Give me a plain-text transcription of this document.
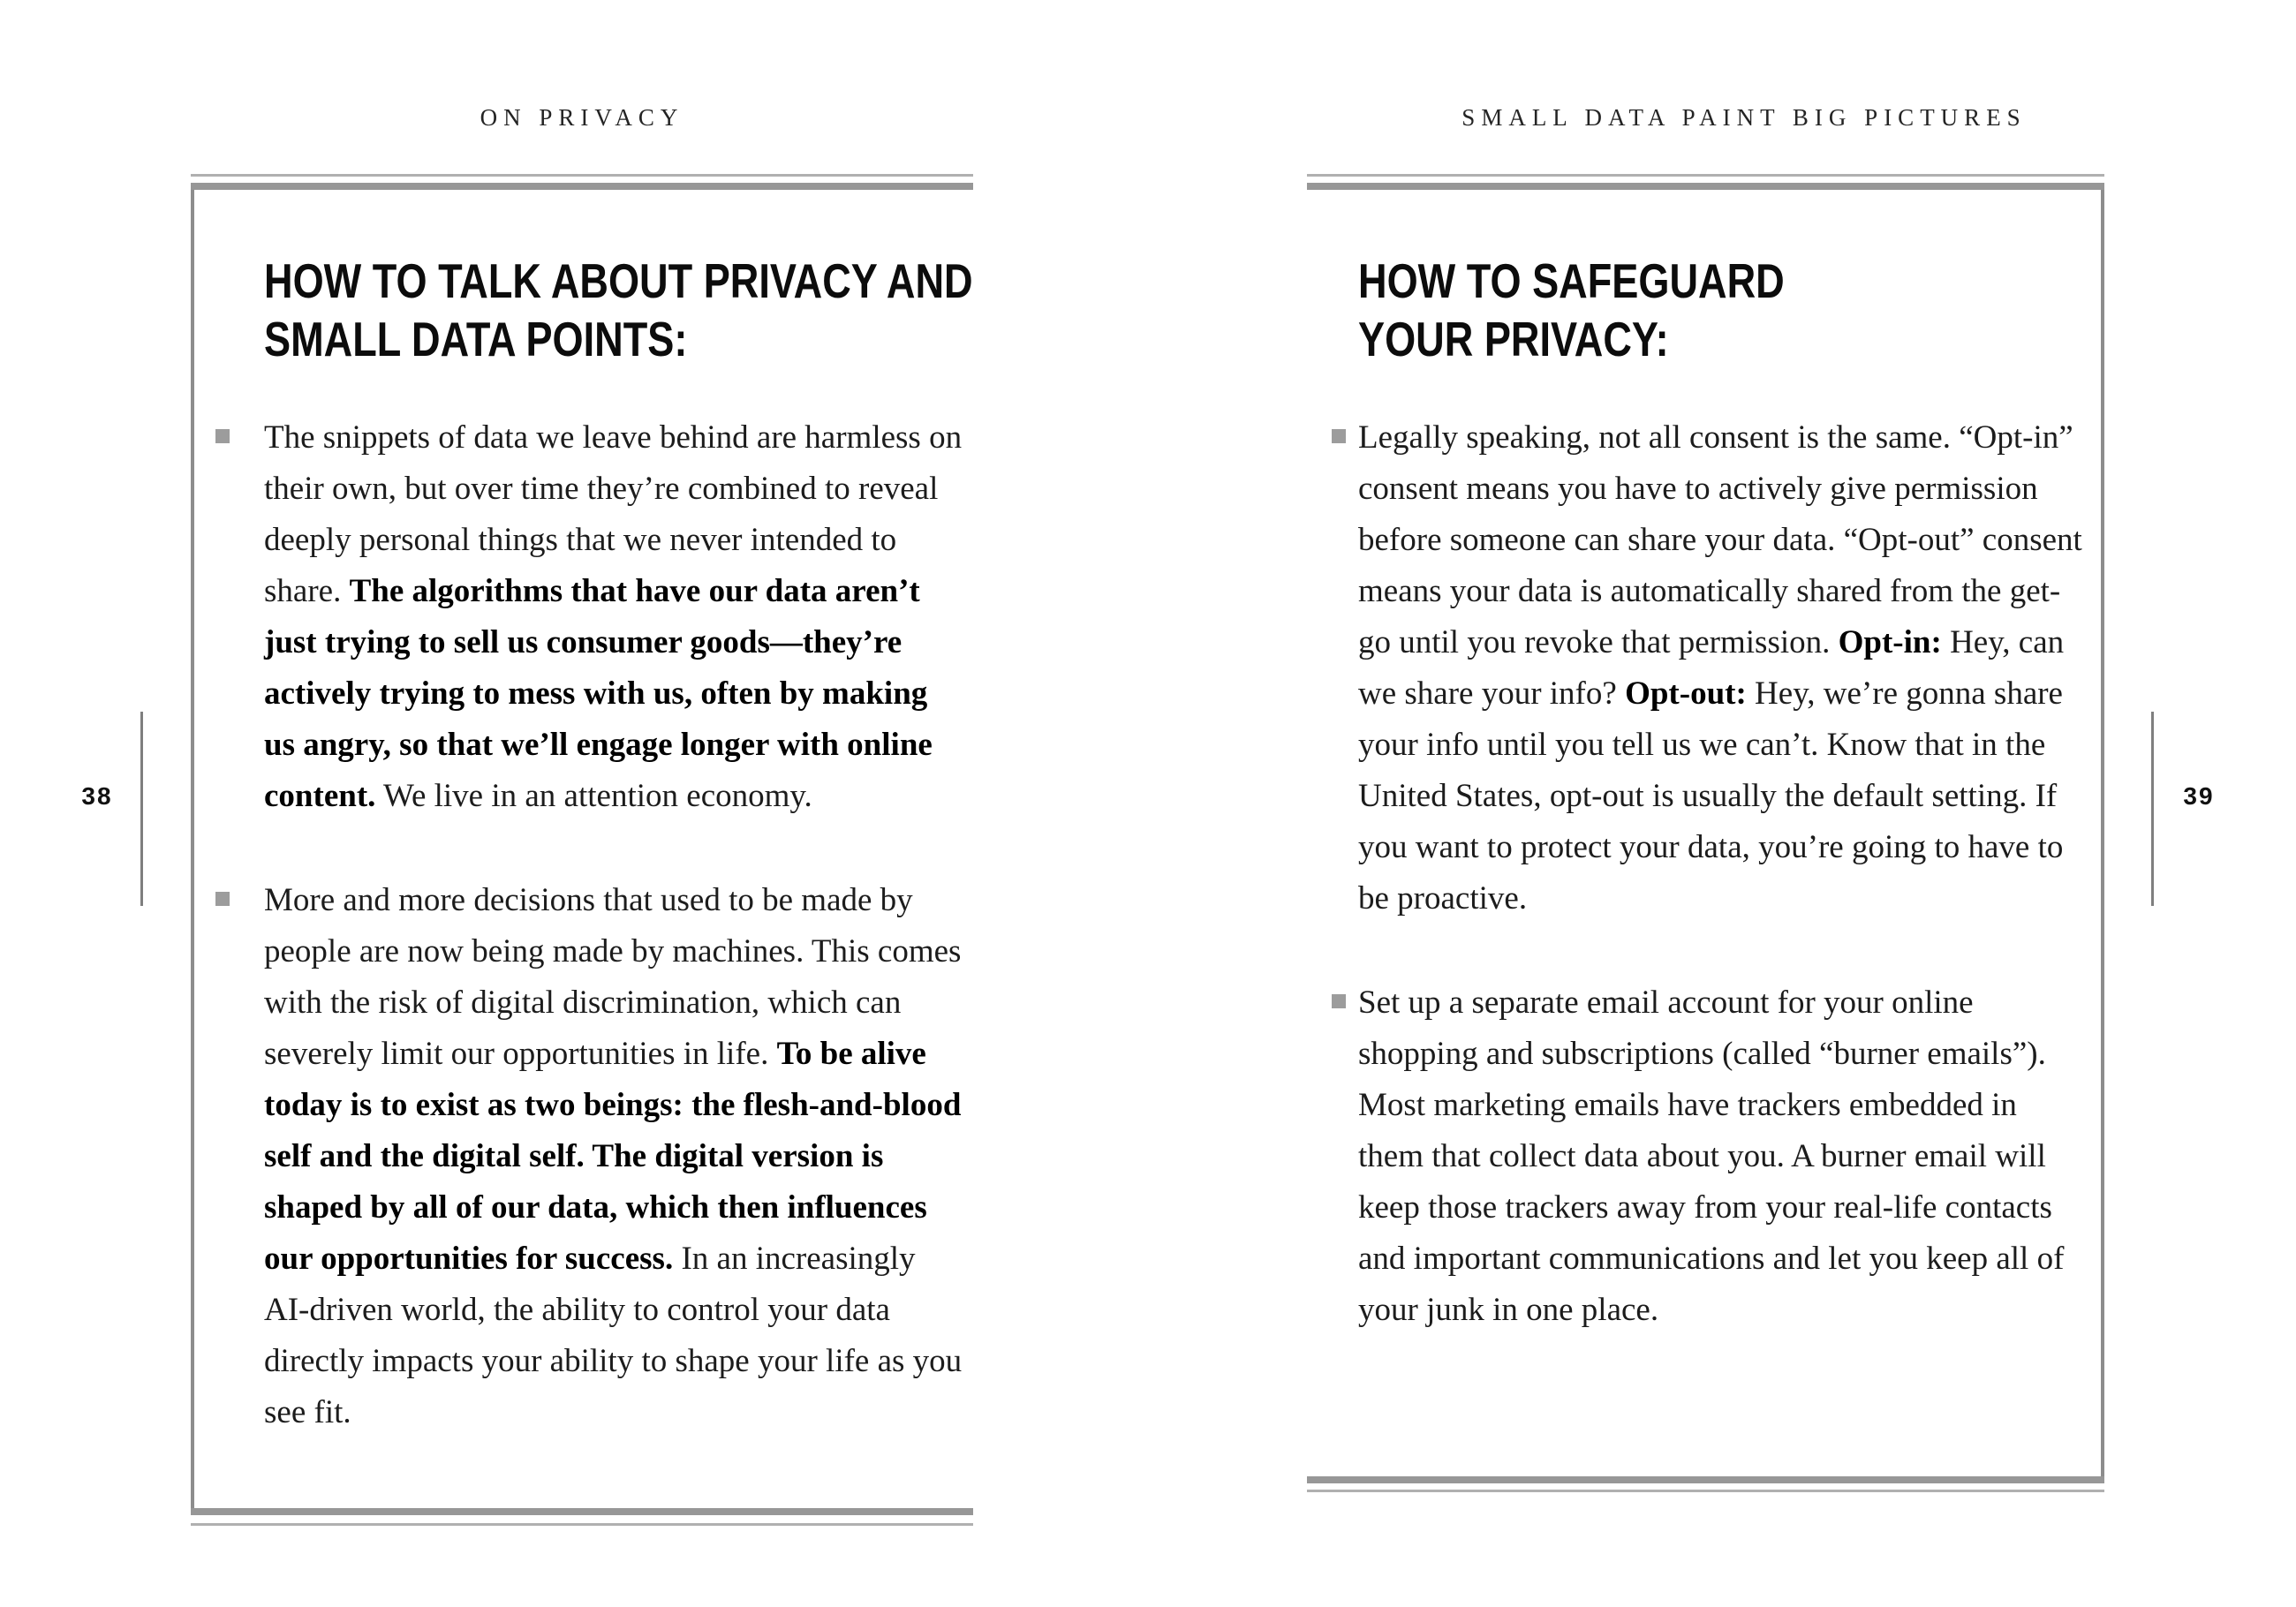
ON PRIVACY
38
HOW TO TALK ABOUT PRIVACY AND SMALL DATA POINTS:

The snippets of data we leave behind are harmless on their own, but over time they’re combined to reveal deeply personal things that we never intended to share. The algorithms that have our data aren’t just trying to sell us consumer goods—they’re actively trying to mess with us, often by making us angry, so that we’ll engage longer with online content. We live in an attention economy.

More and more decisions that used to be made by people are now being made by machines. This comes with the risk of digital discrimination, which can severely limit our opportunities in life. To be alive today is to exist as two beings: the flesh-and-blood self and the digital self. The digital version is shaped by all of our data, which then influences our opportunities for success. In an increasingly AI-driven world, the ability to control your data directly impacts your ability to shape your life as you see fit.

SMALL DATA PAINT BIG PICTURES
39
HOW TO SAFEGUARD YOUR PRIVACY:

Legally speaking, not all consent is the same. “Opt-in” consent means you have to actively give permission before someone can share your data. “Opt-out” consent means your data is automatically shared from the get-go until you revoke that permission. Opt-in: Hey, can we share your info? Opt-out: Hey, we’re gonna share your info until you tell us we can’t. Know that in the United States, opt-out is usually the default setting. If you want to protect your data, you’re going to have to be proactive.

Set up a separate email account for your online shopping and subscriptions (called “burner emails”). Most marketing emails have trackers embedded in them that collect data about you. A burner email will keep those trackers away from your real-life contacts and important communications and let you keep all of your junk in one place.
